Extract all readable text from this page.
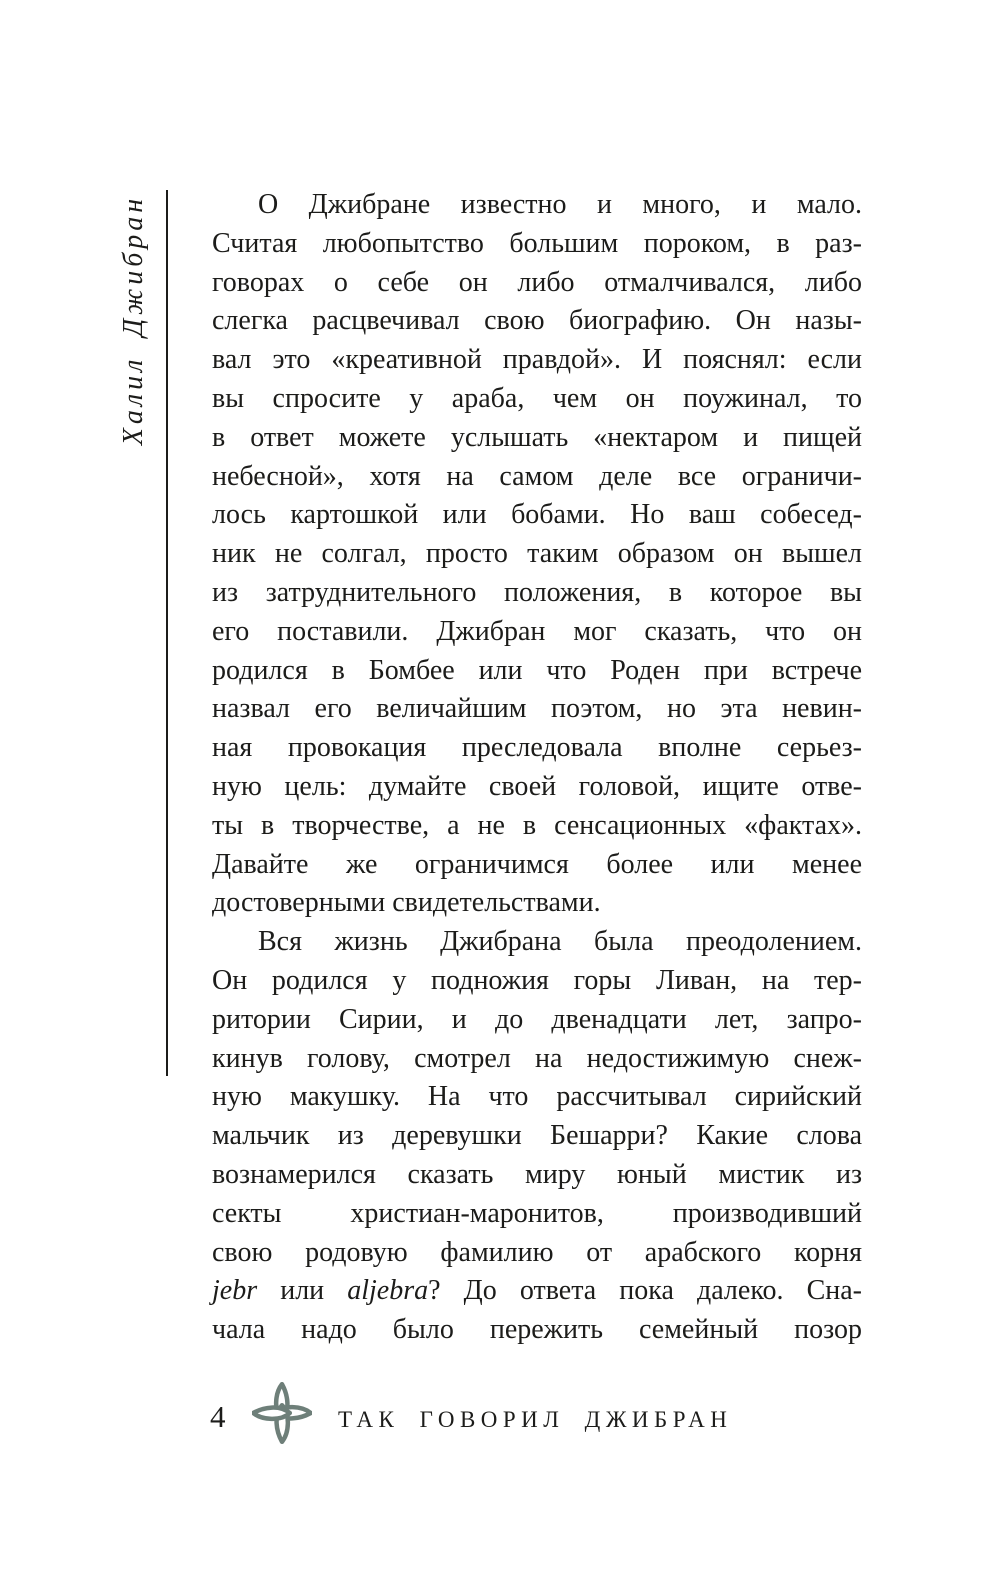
Халил Джибран	О Джибране известно и много, и мало.
Считая любопытство большим пороком, в раз-
говорах о себе он либо отмалчивался, либо
слегка расцвечивал свою биографию. Он назы-
вал это «креативной правдой». И пояснял: если
вы спросите у араба, чем он поужинал, то
в ответ можете услышать «нектаром и пищей
небесной», хотя на самом деле все ограничи-
лось картошкой или бобами. Но ваш собесед-
ник не солгал, просто таким образом он вышел
из затруднительного положения, в которое вы
его поставили. Джибран мог сказать, что он
родился в Бомбее или что Роден при встрече
назвал его величайшим поэтом, но эта невин-
ная провокация преследовала вполне серьез-
ную цель: думайте своей головой, ищите отве-
ты в творчестве, а не в сенсационных «фактах».
Давайте же ограничимся более или менее
достоверными свидетельствами.
Вся жизнь Джибрана была преодолением.
Он родился у подножия горы Ливан, на тер-
ритории Сирии, и до двенадцати лет, запро-
кинув голову, смотрел на недостижимую снеж-
ную макушку. На что рассчитывал сирийский
мальчик из деревушки Бешарри? Какие слова
вознамерился сказать миру юный мистик из
секты христиан-маронитов, производивший
свою родовую фамилию от арабского корня
jebr или aljebra? До ответа пока далеко. Сна-
чала надо было пережить семейный позор
4	ТАК ГОВОРИЛ ДЖИБРАН
